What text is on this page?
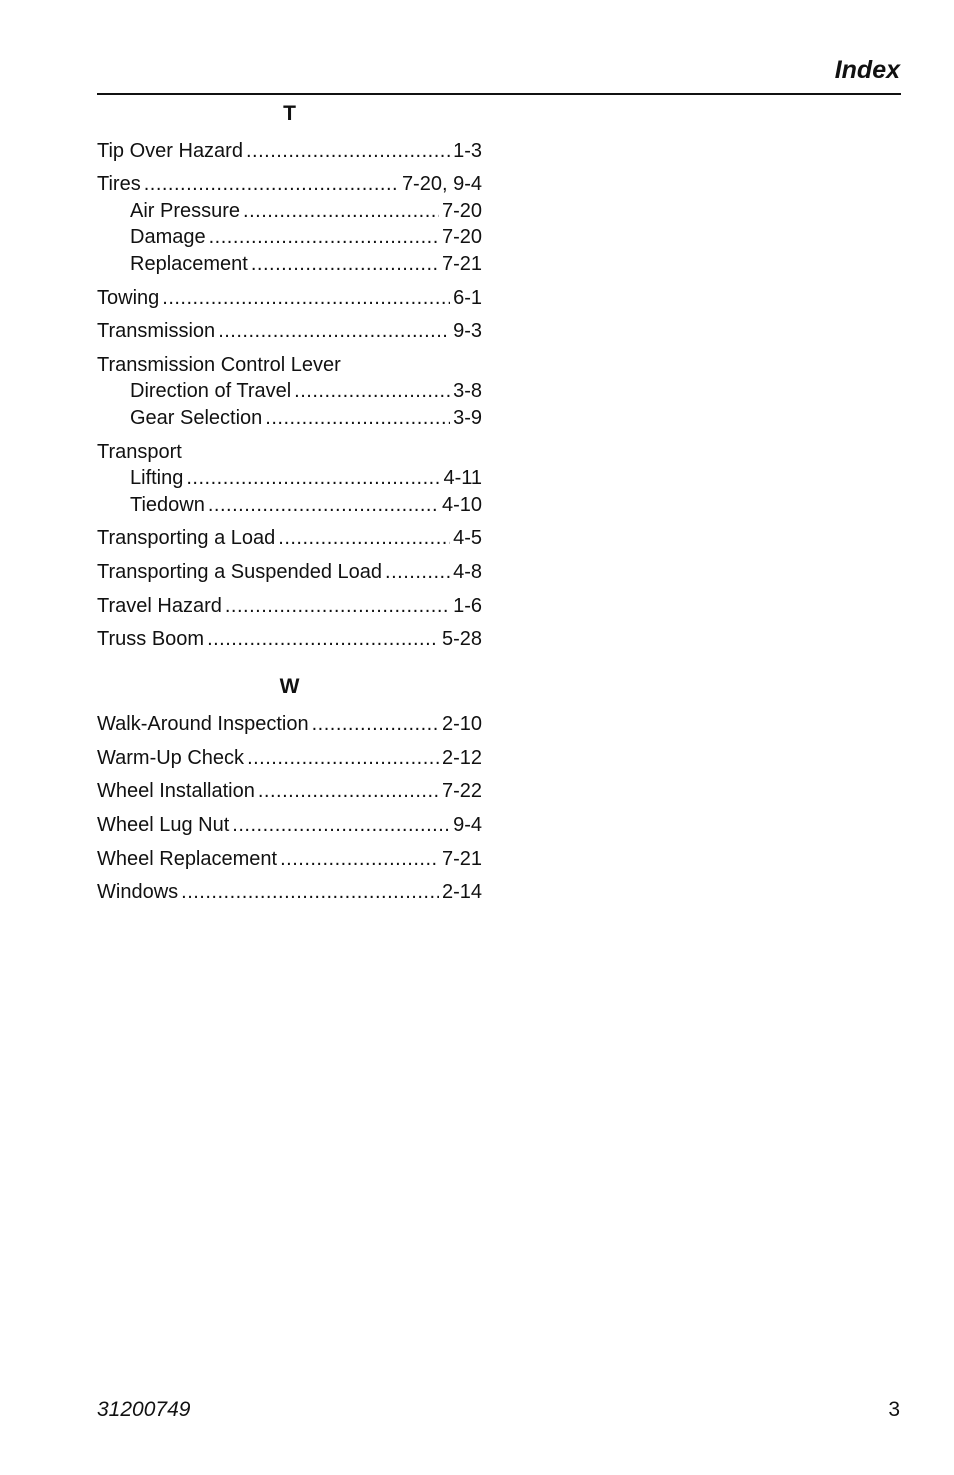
Index
T
Tip Over Hazard .....	1-3
Tires .....	7-20, 9-4
Air Pressure .....	7-20
Damage .....	7-20
Replacement .....	7-21
Towing .....	6-1
Transmission .....	9-3
Transmission Control Lever
Direction of Travel .....	3-8
Gear Selection .....	3-9
Transport
Lifting .....	4-11
Tiedown .....	4-10
Transporting a Load .....	4-5
Transporting a Suspended Load .....	4-8
Travel Hazard .....	1-6
Truss Boom .....	5-28
W
Walk-Around Inspection .....	2-10
Warm-Up Check .....	2-12
Wheel Installation .....	7-22
Wheel Lug Nut .....	9-4
Wheel Replacement .....	7-21
Windows .....	2-14
31200749	3
